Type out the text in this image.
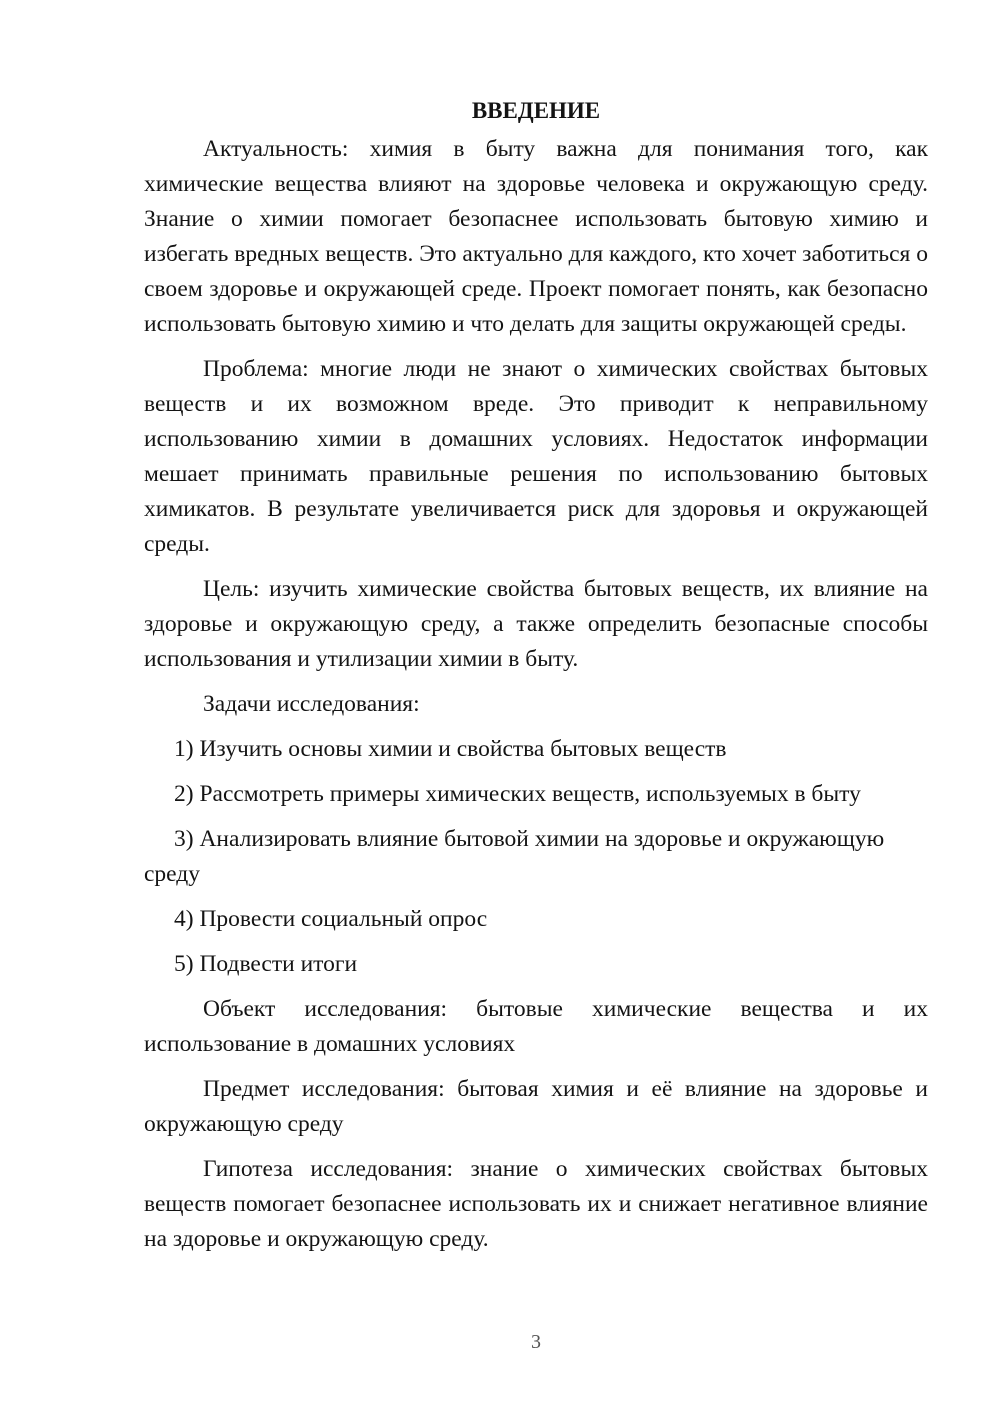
ВВЕДЕНИЕ

Актуальность: химия в быту важна для понимания того, как химические вещества влияют на здоровье человека и окружающую среду. Знание о химии помогает безопаснее использовать бытовую химию и избегать вредных веществ. Это актуально для каждого, кто хочет заботиться о своем здоровье и окружающей среде. Проект помогает понять, как безопасно использовать бытовую химию и что делать для защиты окружающей среды.

Проблема: многие люди не знают о химических свойствах бытовых веществ и их возможном вреде. Это приводит к неправильному использованию химии в домашних условиях. Недостаток информации мешает принимать правильные решения по использованию бытовых химикатов. В результате увеличивается риск для здоровья и окружающей среды.

Цель: изучить химические свойства бытовых веществ, их влияние на здоровье и окружающую среду, а также определить безопасные способы использования и утилизации химии в быту.

Задачи исследования:

1) Изучить основы химии и свойства бытовых веществ

2) Рассмотреть примеры химических веществ, используемых в быту

3) Анализировать влияние бытовой химии на здоровье и окружающую среду

4) Провести социальный опрос

5) Подвести итоги

Объект исследования: бытовые химические вещества и их использование в домашних условиях

Предмет исследования: бытовая химия и её влияние на здоровье и окружающую среду

Гипотеза исследования: знание о химических свойствах бытовых веществ помогает безопаснее использовать их и снижает негативное влияние на здоровье и окружающую среду.

3
